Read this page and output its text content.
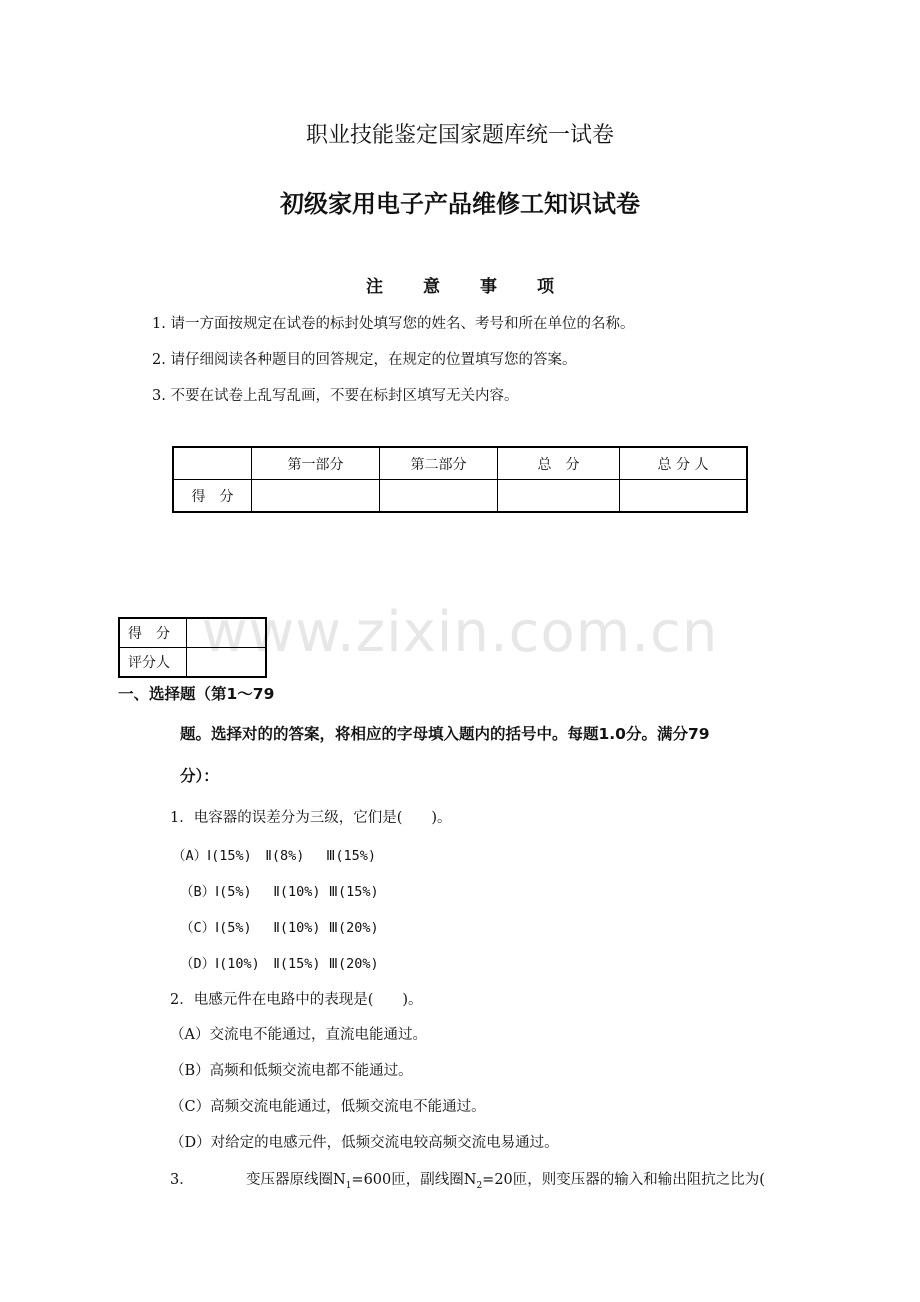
www.zixin.com.cn
职业技能鉴定国家题库统一试卷
初级家用电子产品维修工知识试卷
注意事项
1. 请一方面按规定在试卷的标封处填写您的姓名、考号和所在单位的名称。
2. 请仔细阅读各种题目的回答规定，在规定的位置填写您的答案。
3. 不要在试卷上乱写乱画，不要在标封区填写无关内容。
	第一部分	第二部分	总　分	总 分 人
得　分				
得　分	
评分人	
一、选择题（第1～79
题。选择对的的答案，将相应的字母填入题内的括号中。每题1.0分。满分79
分）：
1．电容器的误差分为三级，它们是(　　)。
（A）Ⅰ(15%)　Ⅱ(8%)　 Ⅲ(15%)
（B）Ⅰ(5%)　 Ⅱ(10%) Ⅲ(15%)
（C）Ⅰ(5%)　 Ⅱ(10%) Ⅲ(20%)
（D）Ⅰ(10%)　Ⅱ(15%) Ⅲ(20%)
2．电感元件在电路中的表现是(　　)。
（A）交流电不能通过，直流电能通过。
（B）高频和低频交流电都不能通过。
（C）高频交流电能通过，低频交流电不能通过。
（D）对给定的电感元件，低频交流电较高频交流电易通过。
3．	变压器原线圈$N_1=600$匝，副线圈$N_2=20$匝，则变压器的输入和输出阻抗之比为(
